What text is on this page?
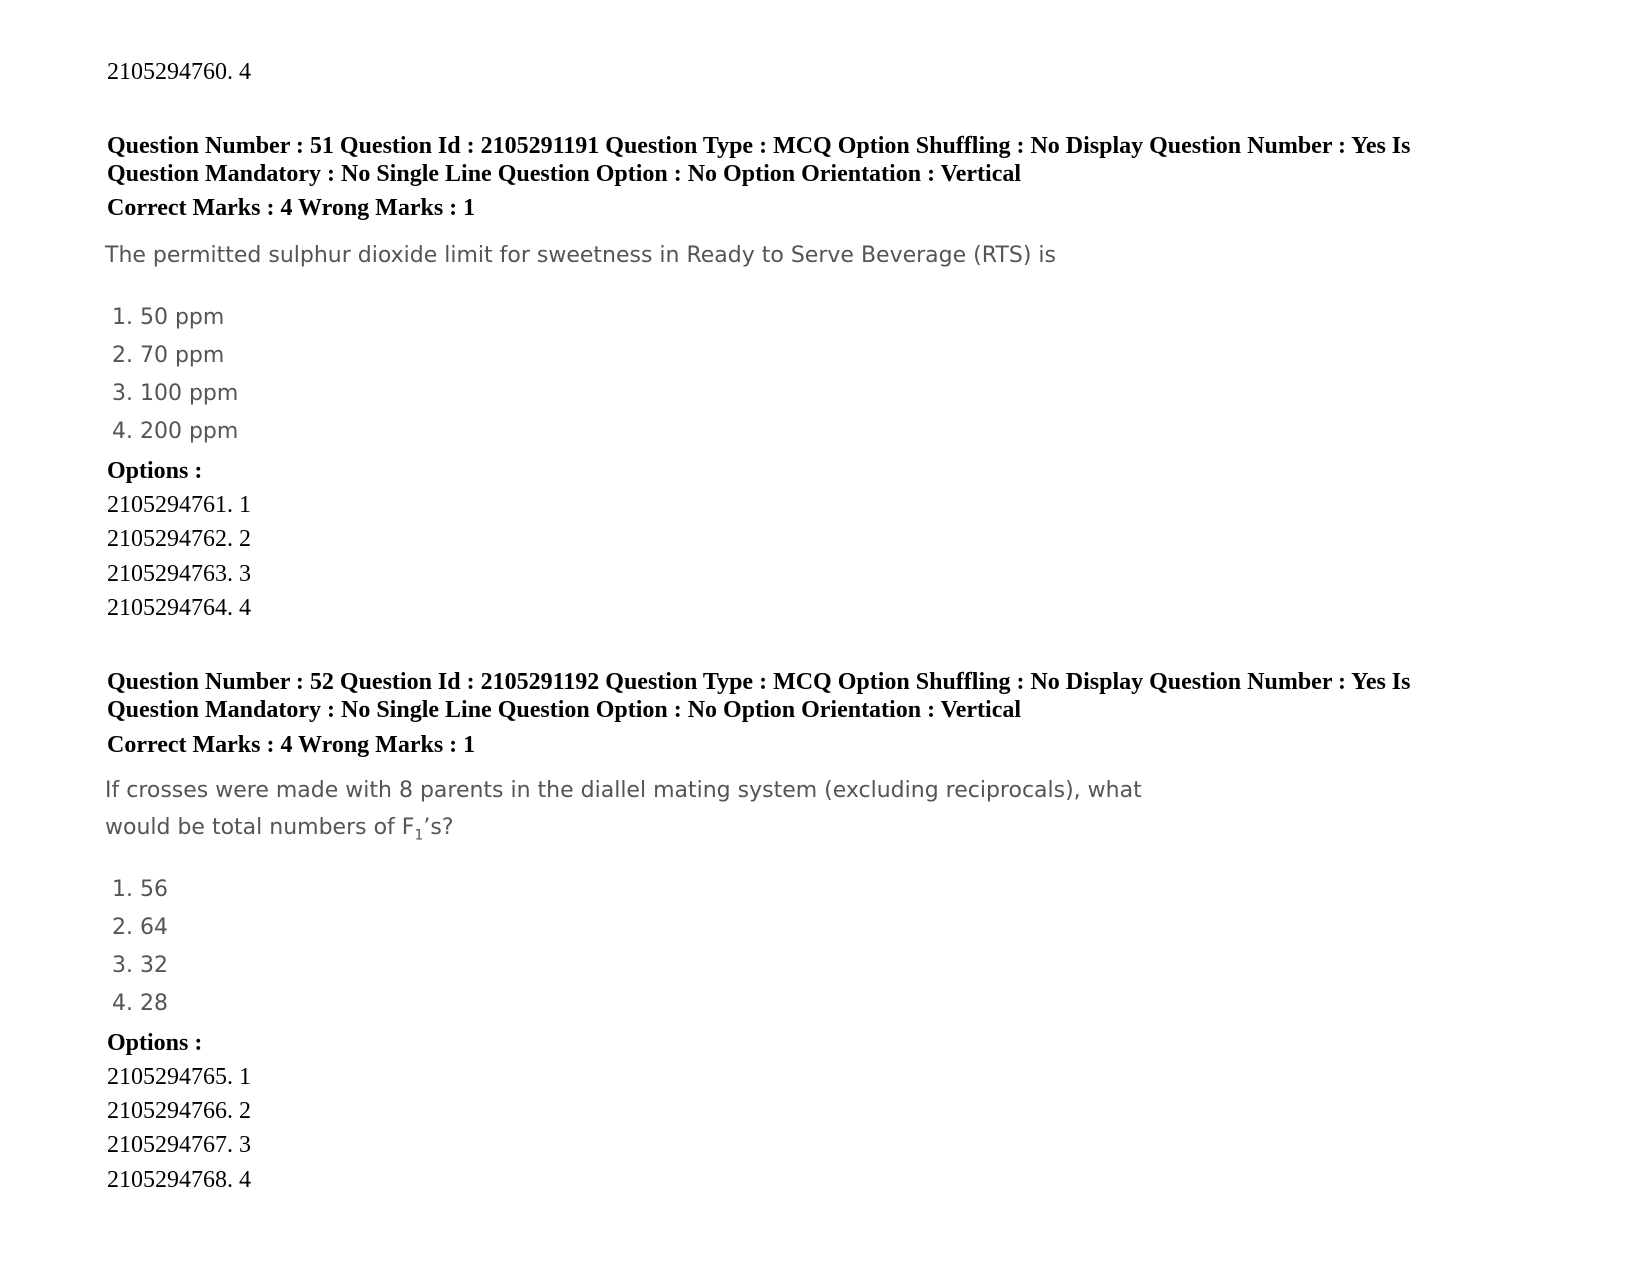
2105294760. 4
Question Number : 51 Question Id : 2105291191 Question Type : MCQ Option Shuffling : No Display Question Number : Yes Is
Question Mandatory : No Single Line Question Option : No Option Orientation : Vertical
Correct Marks : 4 Wrong Marks : 1
The permitted sulphur dioxide limit for sweetness in Ready to Serve Beverage (RTS) is
1. 50 ppm
2. 70 ppm
3. 100 ppm
4. 200 ppm
Options :
2105294761. 1
2105294762. 2
2105294763. 3
2105294764. 4
Question Number : 52 Question Id : 2105291192 Question Type : MCQ Option Shuffling : No Display Question Number : Yes Is
Question Mandatory : No Single Line Question Option : No Option Orientation : Vertical
Correct Marks : 4 Wrong Marks : 1
If crosses were made with 8 parents in the diallel mating system (excluding reciprocals), what
would be total numbers of $F_1’s$?
1. 56
2. 64
3. 32
4. 28
Options :
2105294765. 1
2105294766. 2
2105294767. 3
2105294768. 4
